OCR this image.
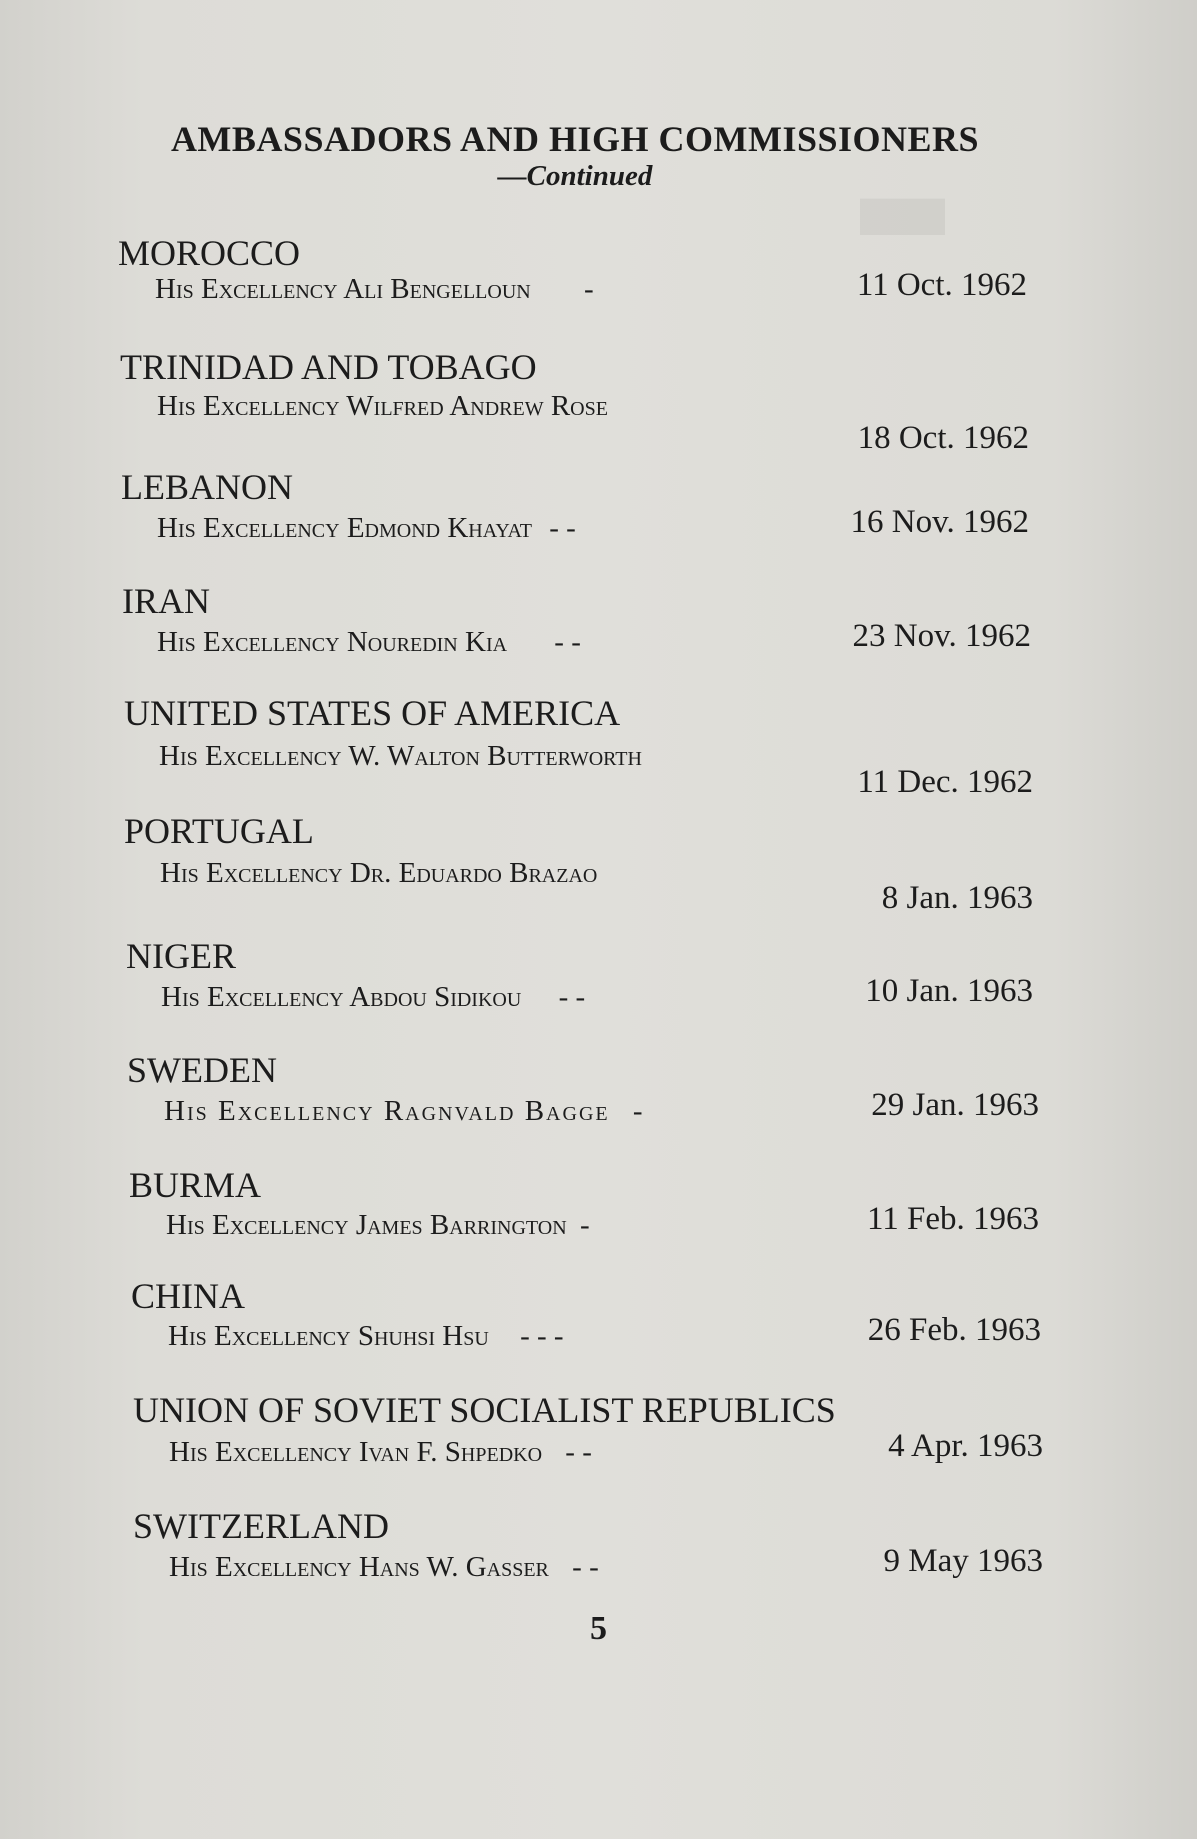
████
AMBASSADORS AND HIGH COMMISSIONERS
—Continued
MOROCCO
His Excellency Ali Bengelloun -	11 Oct. 1962
TRINIDAD AND TOBAGO
His Excellency Wilfred Andrew Rose
18 Oct. 1962
LEBANON
His Excellency Edmond Khayat - -	16 Nov. 1962
IRAN
His Excellency Nouredin Kia - -	23 Nov. 1962
UNITED STATES OF AMERICA
His Excellency W. Walton Butterworth
11 Dec. 1962
PORTUGAL
His Excellency Dr. Eduardo Brazao
8 Jan. 1963
NIGER
His Excellency Abdou Sidikou - -	10 Jan. 1963
SWEDEN
His Excellency Ragnvald Bagge -	29 Jan. 1963
BURMA
His Excellency James Barrington -	11 Feb. 1963
CHINA
His Excellency Shuhsi Hsu - - -	26 Feb. 1963
UNION OF SOVIET SOCIALIST REPUBLICS
His Excellency Ivan F. Shpedko - -	4 Apr. 1963
SWITZERLAND
His Excellency Hans W. Gasser - -	9 May 1963
5
